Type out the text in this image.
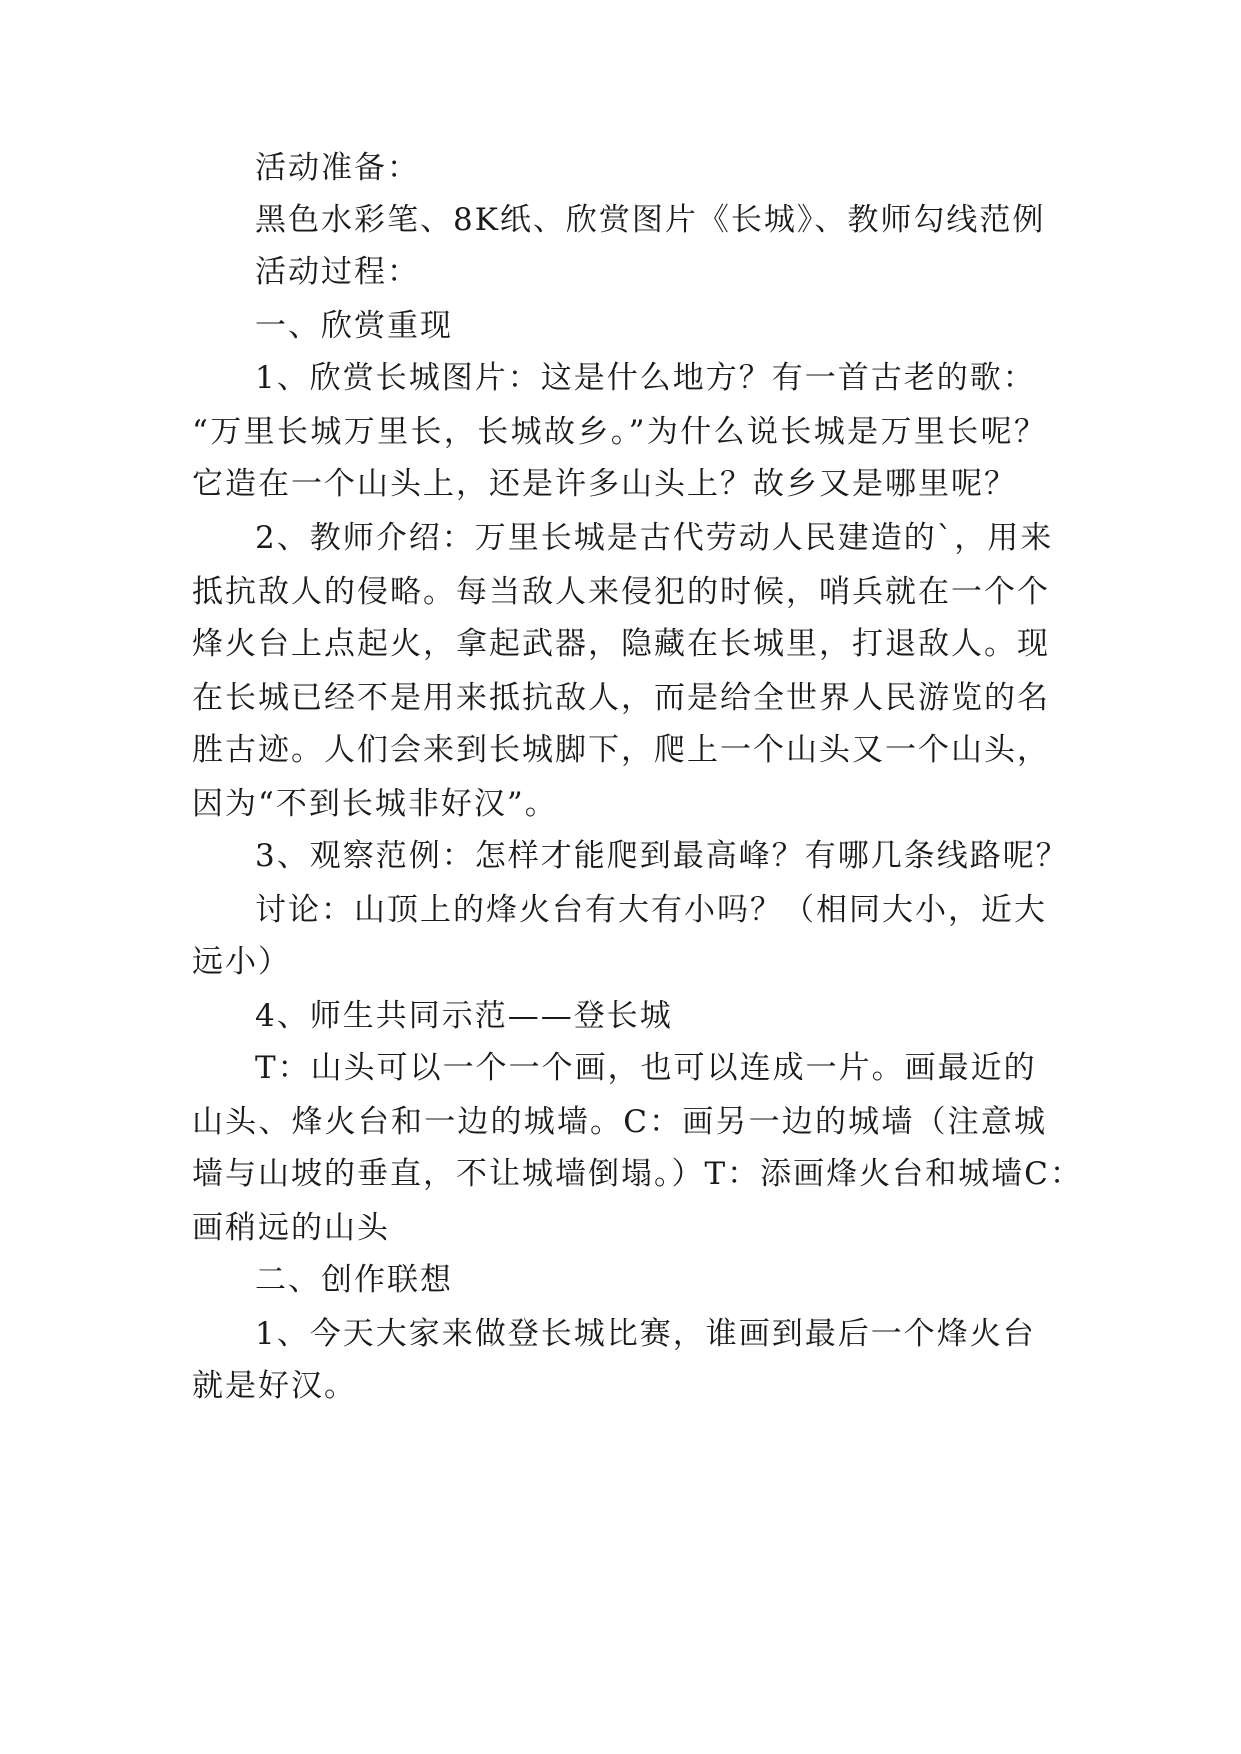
活动准备：
黑色水彩笔、8K纸、欣赏图片《长城》、教师勾线范例
活动过程：
一、欣赏重现
1、欣赏长城图片：这是什么地方？有一首古老的歌：
“万里长城万里长，长城故乡。”为什么说长城是万里长呢？
它造在一个山头上，还是许多山头上？故乡又是哪里呢？
2、教师介绍：万里长城是古代劳动人民建造的`，用来
抵抗敌人的侵略。每当敌人来侵犯的时候，哨兵就在一个个
烽火台上点起火，拿起武器，隐藏在长城里，打退敌人。现
在长城已经不是用来抵抗敌人，而是给全世界人民游览的名
胜古迹。人们会来到长城脚下，爬上一个山头又一个山头，
因为“不到长城非好汉”。
3、观察范例：怎样才能爬到最高峰？有哪几条线路呢？
讨论：山顶上的烽火台有大有小吗？（相同大小，近大
远小）
4、师生共同示范——登长城
T：山头可以一个一个画，也可以连成一片。画最近的
山头、烽火台和一边的城墙。C：画另一边的城墙（注意城
墙与山坡的垂直，不让城墙倒塌。）T：添画烽火台和城墙C：
画稍远的山头
二、创作联想
1、今天大家来做登长城比赛，谁画到最后一个烽火台
就是好汉。
